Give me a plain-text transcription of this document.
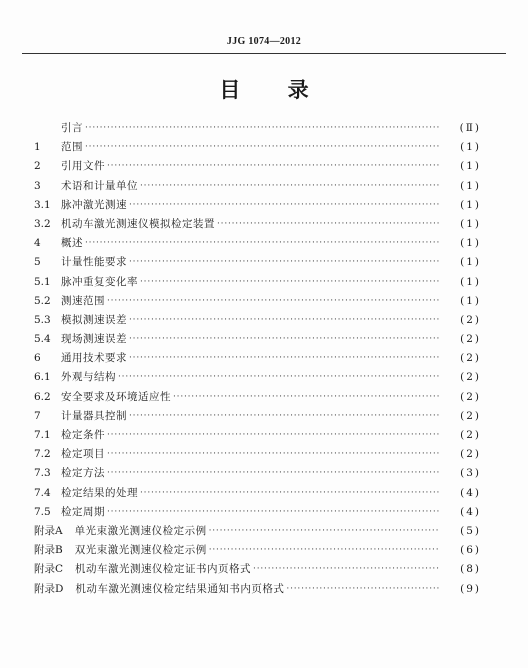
JJG 1074—2012
目 录
引言 ·····	(Ⅱ)
1	范围 ·····	(1)
2	引用文件 ·····	(1)
3	术语和计量单位 ·····	(1)
3.1 脉冲激光测速 ·····	(1)
3.2 机动车激光测速仪模拟检定装置 ·····	(1)
4	概述 ·····	(1)
5	计量性能要求 ·····	(1)
5.1 脉冲重复变化率 ·····	(1)
5.2 测速范围 ·····	(1)
5.3 模拟测速误差 ·····	(2)
5.4 现场测速误差 ·····	(2)
6	通用技术要求 ·····	(2)
6.1 外观与结构 ·····	(2)
6.2 安全要求及环境适应性 ·····	(2)
7	计量器具控制 ·····	(2)
7.1 检定条件 ·····	(2)
7.2 检定项目 ·····	(2)
7.3 检定方法 ·····	(3)
7.4 检定结果的处理 ·····	(4)
7.5 检定周期 ·····	(4)
附录A 单光束激光测速仪检定示例 ·····	(5)
附录B 双光束激光测速仪检定示例 ·····	(6)
附录C 机动车激光测速仪检定证书内页格式 ·····	(8)
附录D 机动车激光测速仪检定结果通知书内页格式 ·····	(9)
